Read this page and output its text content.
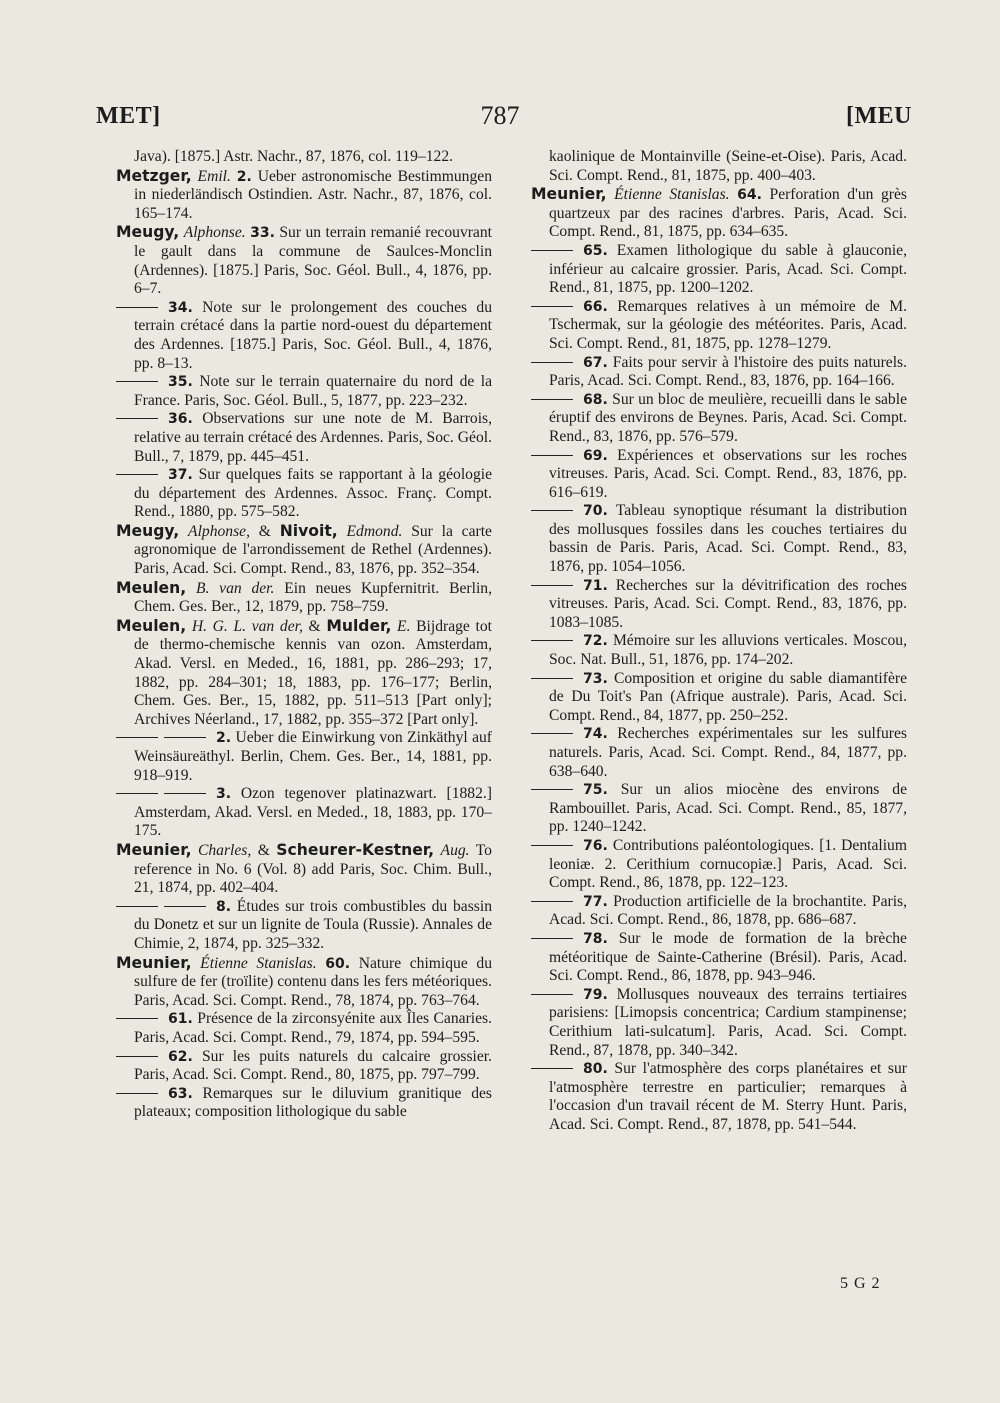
MET]	787	[MEU

Java). [1875.] Astr. Nachr., 87, 1876, col. 119–122.

Metzger, Emil. 2. Ueber astronomische Bestimmungen in niederländisch Ostindien. Astr. Nachr., 87, 1876, col. 165–174.

Meugy, Alphonse. 33. Sur un terrain remanié recouvrant le gault dans la commune de Saulces-Monclin (Ardennes). [1875.] Paris, Soc. Géol. Bull., 4, 1876, pp. 6–7.

34. Note sur le prolongement des couches du terrain crétacé dans la partie nord-ouest du département des Ardennes. [1875.] Paris, Soc. Géol. Bull., 4, 1876, pp. 8–13.

35. Note sur le terrain quaternaire du nord de la France. Paris, Soc. Géol. Bull., 5, 1877, pp. 223–232.

36. Observations sur une note de M. Barrois, relative au terrain crétacé des Ardennes. Paris, Soc. Géol. Bull., 7, 1879, pp. 445–451.

37. Sur quelques faits se rapportant à la géologie du département des Ardennes. Assoc. Franç. Compt. Rend., 1880, pp. 575–582.

Meugy, Alphonse, & Nivoit, Edmond. Sur la carte agronomique de l'arrondissement de Rethel (Ardennes). Paris, Acad. Sci. Compt. Rend., 83, 1876, pp. 352–354.

Meulen, B. van der. Ein neues Kupfernitrit. Berlin, Chem. Ges. Ber., 12, 1879, pp. 758–759.

Meulen, H. G. L. van der, & Mulder, E. Bijdrage tot de thermo-chemische kennis van ozon. Amsterdam, Akad. Versl. en Meded., 16, 1881, pp. 286–293; 17, 1882, pp. 284–301; 18, 1883, pp. 176–177; Berlin, Chem. Ges. Ber., 15, 1882, pp. 511–513 [Part only]; Archives Néerland., 17, 1882, pp. 355–372 [Part only].

2. Ueber die Einwirkung von Zinkäthyl auf Weinsäureäthyl. Berlin, Chem. Ges. Ber., 14, 1881, pp. 918–919.

3. Ozon tegenover platinazwart. [1882.] Amsterdam, Akad. Versl. en Meded., 18, 1883, pp. 170–175.

Meunier, Charles, & Scheurer-Kestner, Aug. To reference in No. 6 (Vol. 8) add Paris, Soc. Chim. Bull., 21, 1874, pp. 402–404.

8. Études sur trois combustibles du bassin du Donetz et sur un lignite de Toula (Russie). Annales de Chimie, 2, 1874, pp. 325–332.

Meunier, Étienne Stanislas. 60. Nature chimique du sulfure de fer (troïlite) contenu dans les fers météoriques. Paris, Acad. Sci. Compt. Rend., 78, 1874, pp. 763–764.

61. Présence de la zirconsyénite aux Îles Canaries. Paris, Acad. Sci. Compt. Rend., 79, 1874, pp. 594–595.

62. Sur les puits naturels du calcaire grossier. Paris, Acad. Sci. Compt. Rend., 80, 1875, pp. 797–799.

63. Remarques sur le diluvium granitique des plateaux; composition lithologique du sable

kaolinique de Montainville (Seine-et-Oise). Paris, Acad. Sci. Compt. Rend., 81, 1875, pp. 400–403.

Meunier, Étienne Stanislas. 64. Perforation d'un grès quartzeux par des racines d'arbres. Paris, Acad. Sci. Compt. Rend., 81, 1875, pp. 634–635.

65. Examen lithologique du sable à glauconie, inférieur au calcaire grossier. Paris, Acad. Sci. Compt. Rend., 81, 1875, pp. 1200–1202.

66. Remarques relatives à un mémoire de M. Tschermak, sur la géologie des météorites. Paris, Acad. Sci. Compt. Rend., 81, 1875, pp. 1278–1279.

67. Faits pour servir à l'histoire des puits naturels. Paris, Acad. Sci. Compt. Rend., 83, 1876, pp. 164–166.

68. Sur un bloc de meulière, recueilli dans le sable éruptif des environs de Beynes. Paris, Acad. Sci. Compt. Rend., 83, 1876, pp. 576–579.

69. Expériences et observations sur les roches vitreuses. Paris, Acad. Sci. Compt. Rend., 83, 1876, pp. 616–619.

70. Tableau synoptique résumant la distribution des mollusques fossiles dans les couches tertiaires du bassin de Paris. Paris, Acad. Sci. Compt. Rend., 83, 1876, pp. 1054–1056.

71. Recherches sur la dévitrification des roches vitreuses. Paris, Acad. Sci. Compt. Rend., 83, 1876, pp. 1083–1085.

72. Mémoire sur les alluvions verticales. Moscou, Soc. Nat. Bull., 51, 1876, pp. 174–202.

73. Composition et origine du sable diamantifère de Du Toit's Pan (Afrique australe). Paris, Acad. Sci. Compt. Rend., 84, 1877, pp. 250–252.

74. Recherches expérimentales sur les sulfures naturels. Paris, Acad. Sci. Compt. Rend., 84, 1877, pp. 638–640.

75. Sur un alios miocène des environs de Rambouillet. Paris, Acad. Sci. Compt. Rend., 85, 1877, pp. 1240–1242.

76. Contributions paléontologiques. [1. Dentalium leoniæ. 2. Cerithium cornucopiæ.] Paris, Acad. Sci. Compt. Rend., 86, 1878, pp. 122–123.

77. Production artificielle de la brochantite. Paris, Acad. Sci. Compt. Rend., 86, 1878, pp. 686–687.

78. Sur le mode de formation de la brèche météoritique de Sainte-Catherine (Brésil). Paris, Acad. Sci. Compt. Rend., 86, 1878, pp. 943–946.

79. Mollusques nouveaux des terrains tertiaires parisiens: [Limopsis concentrica; Cardium stampinense; Cerithium lati-sulcatum]. Paris, Acad. Sci. Compt. Rend., 87, 1878, pp. 340–342.

80. Sur l'atmosphère des corps planétaires et sur l'atmosphère terrestre en particulier; remarques à l'occasion d'un travail récent de M. Sterry Hunt. Paris, Acad. Sci. Compt. Rend., 87, 1878, pp. 541–544.

5 G 2
